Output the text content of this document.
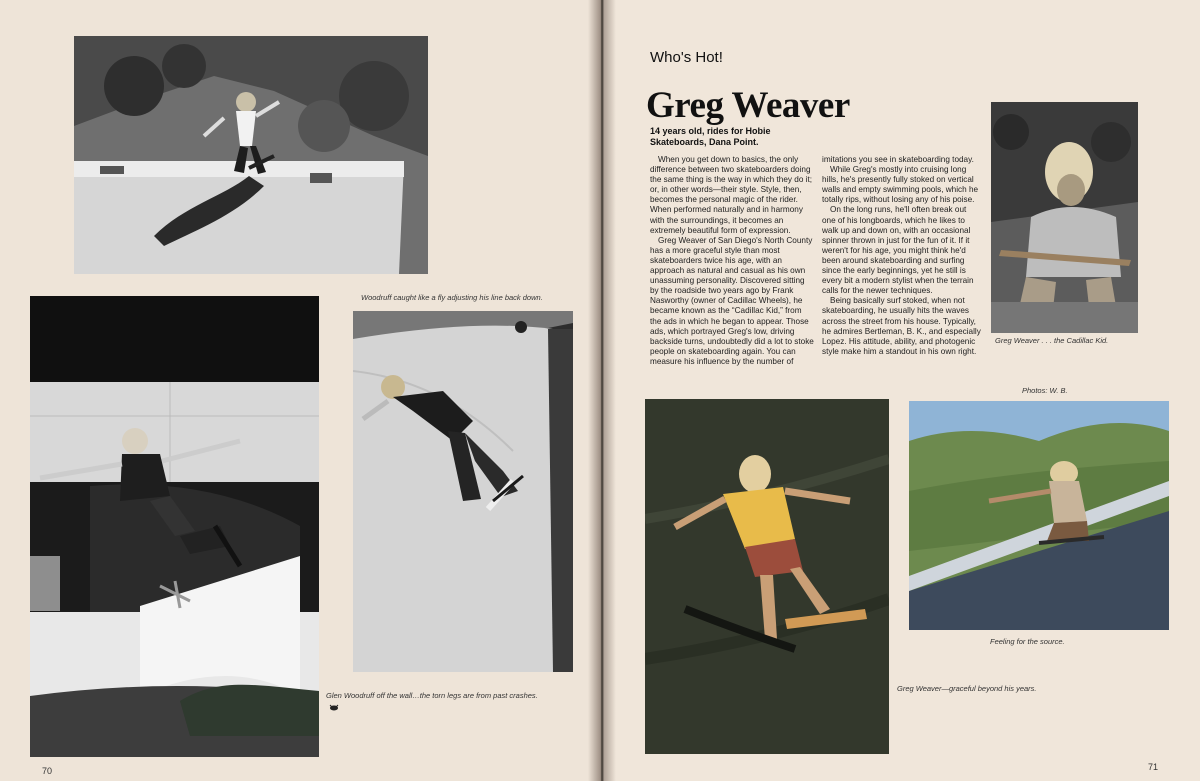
Woodruff caught like a fly adjusting his line back down.
Glen Woodruff off the wall…the torn legs are from past crashes.
70
Who's Hot!
Greg Weaver
14 years old, rides for Hobie Skateboards, Dana Point.

When you get down to basics, the only difference between two skateboarders doing the same thing is the way in which they do it; or, in other words—their style. Style, then, becomes the personal magic of the rider. When performed naturally and in harmony with the surroundings, it becomes an extremely beautiful form of expression.

Greg Weaver of San Diego's North County has a more graceful style than most skateboarders twice his age, with an approach as natural and casual as his own unassuming personality. Discovered sitting by the roadside two years ago by Frank Nasworthy (owner of Cadillac Wheels), he became known as the “Cadillac Kid,” from the ads in which he began to appear. Those ads, which portrayed Greg's low, driving backside turns, undoubtedly did a lot to stoke people on skateboarding again. You can measure his influence by the number of

imitations you see in skateboarding today.

While Greg's mostly into cruising long hills, he's presently fully stoked on vertical walls and empty swimming pools, which he totally rips, without losing any of his poise.

On the long runs, he'll often break out one of his longboards, which he likes to walk up and down on, with an occasional spinner thrown in just for the fun of it. If it weren't for his age, you might think he'd been around skateboarding and surfing since the early beginnings, yet he still is every bit a modern stylist when the terrain calls for the newer techniques.

Being basically surf stoked, when not skateboarding, he usually hits the waves across the street from his house. Typically, he admires Bertleman, B. K., and especially Lopez. His attitude, ability, and photogenic style make him a standout in his own right.

Greg Weaver . . . the Cadillac Kid.
Photos: W. B.
Greg Weaver—graceful beyond his years.
Feeling for the source.
71
